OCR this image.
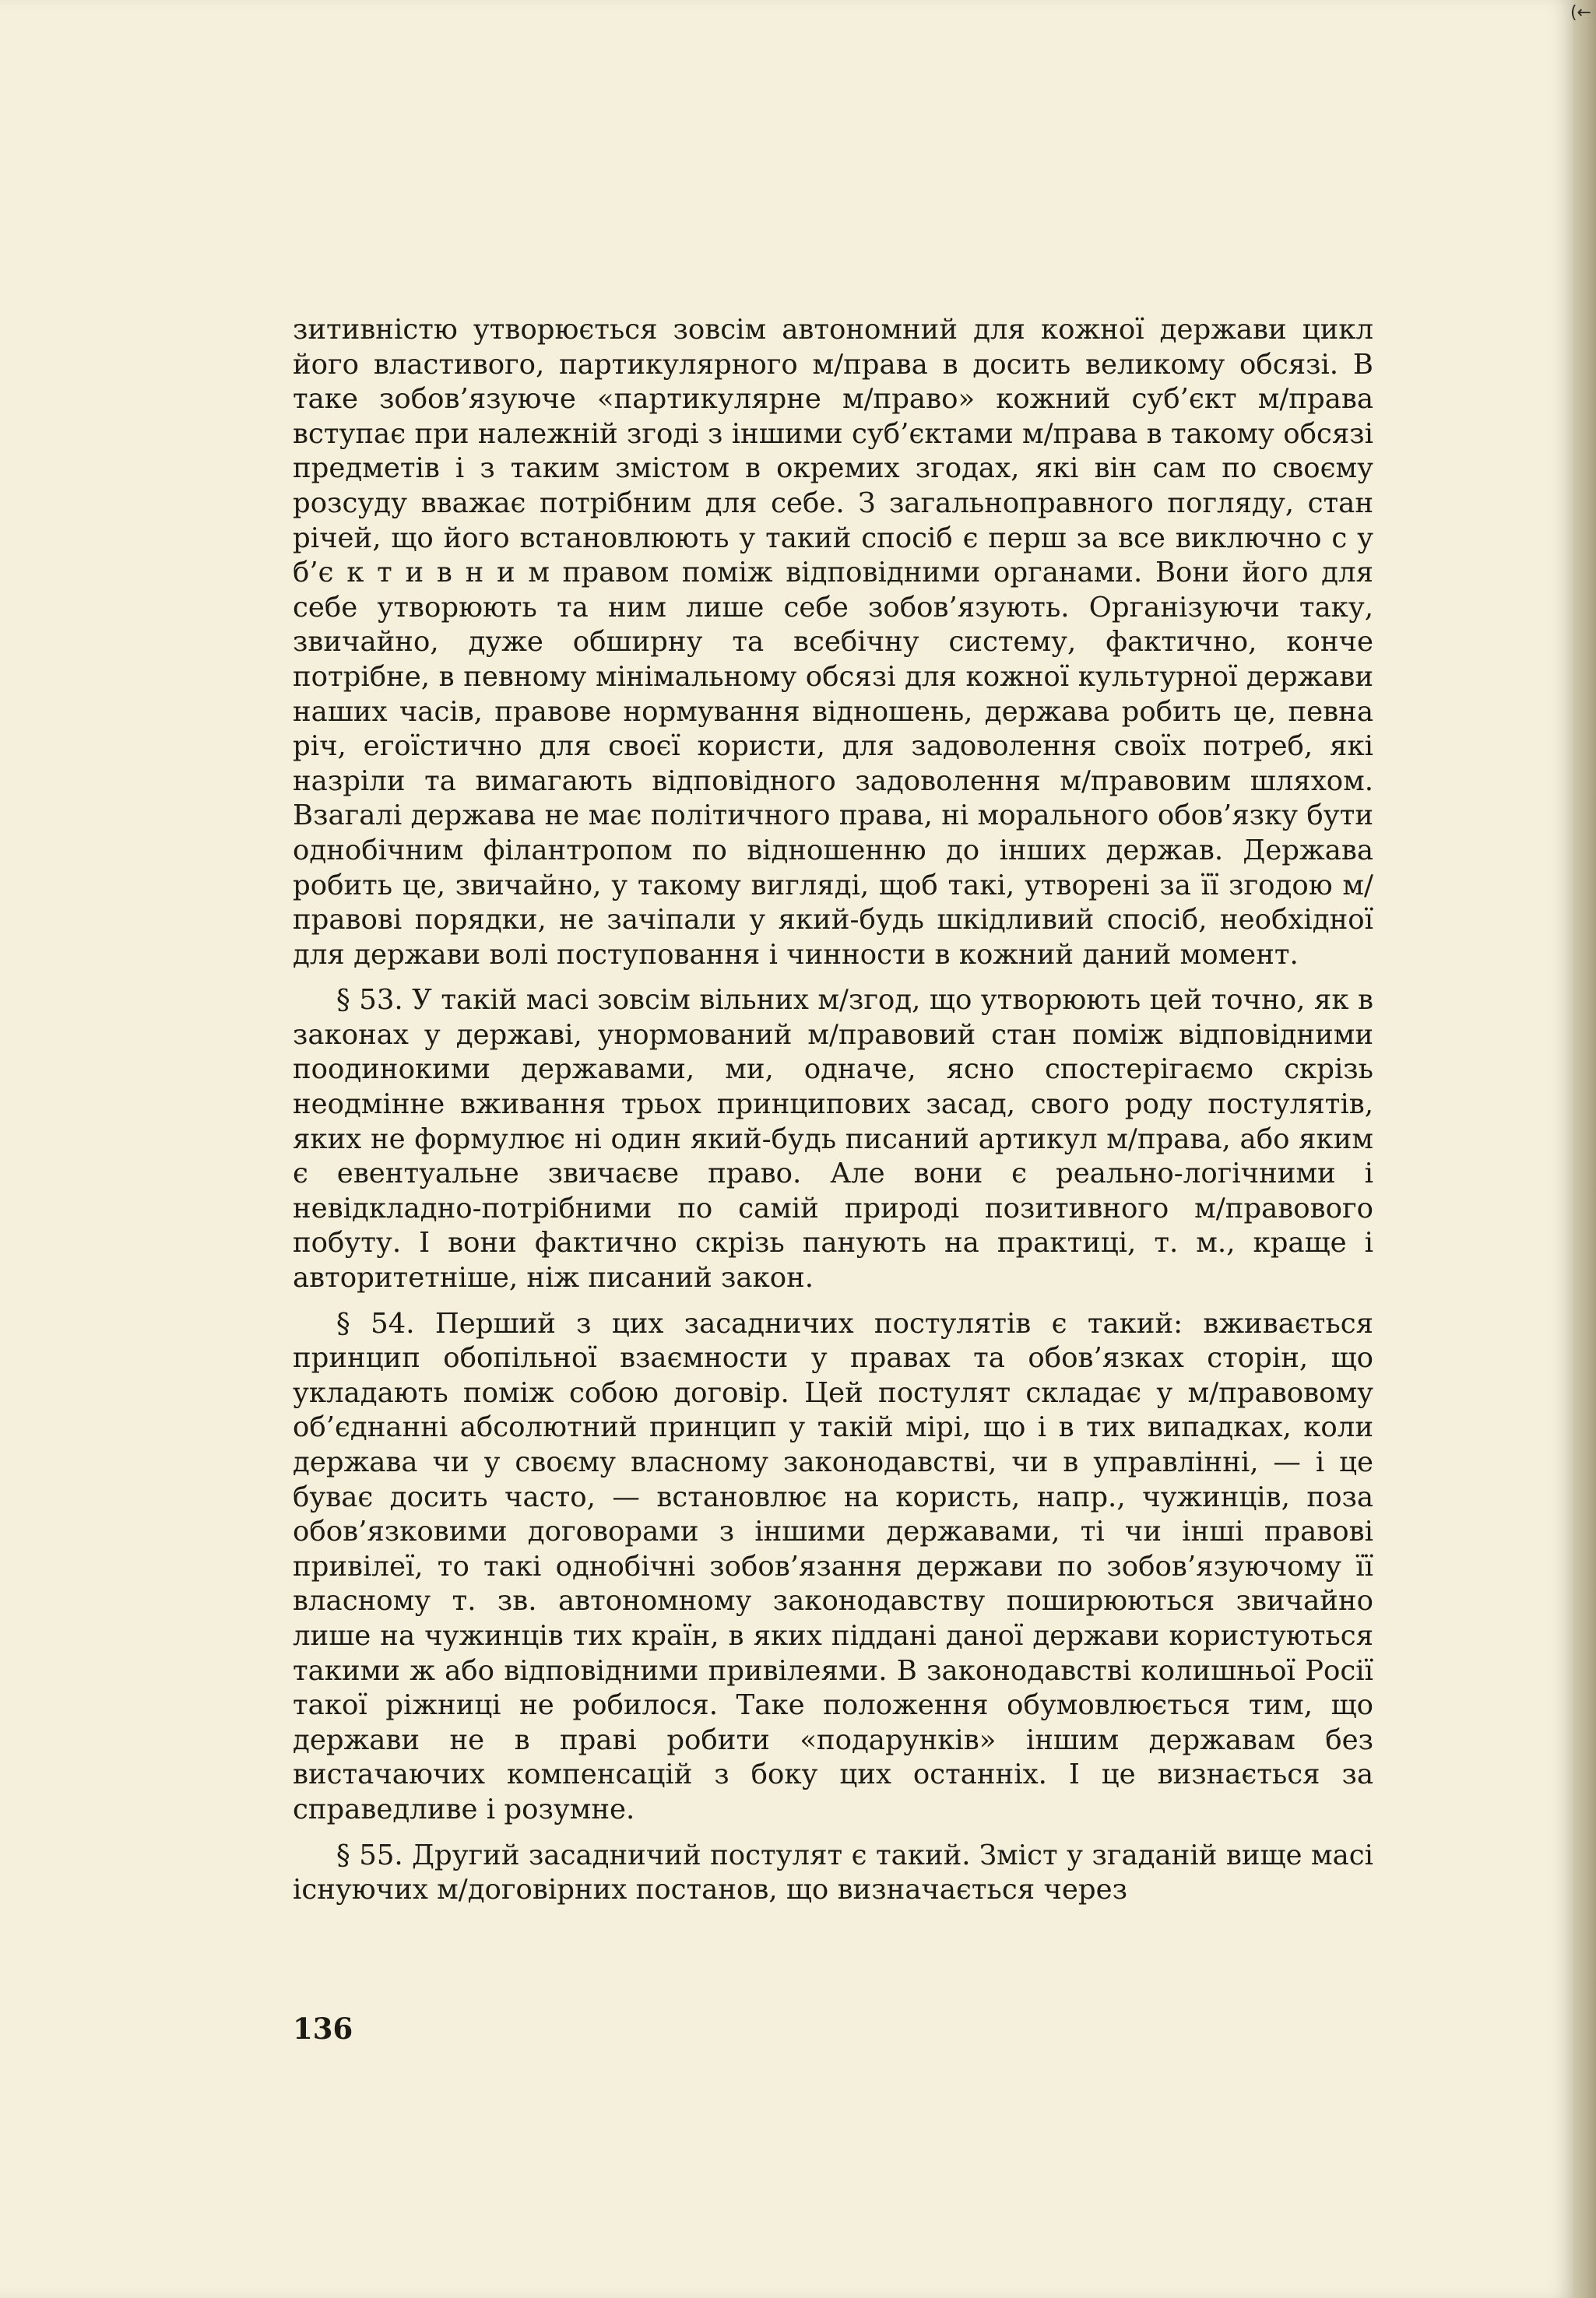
зитивністю утворюється зовсім автономний для кожної держави цикл його властивого, партикулярного м/права в досить великому обсязі. В таке зобов’язуюче «партикулярне м/право» кожний суб’єкт м/права вступає при належній згоді з іншими суб’єктами м/права в такому обсязі предметів і з таким змістом в окремих згодах, які він сам по своєму розсуду вважає потрібним для себе. З загальноправного погляду, стан річей, що його встановлюють у такий спосіб є перш за все виключно с у б’є к т и в н и м правом поміж відповідними органами. Вони його для себе утворюють та ним лише себе зобов’язують. Організуючи таку, звичайно, дуже обширну та всебічну систему, фактично, конче потрібне, в певному мінімальному обсязі для кожної культурної держави наших часів, правове нормування відношень, держава робить це, певна річ, егоїстично для своєї користи, для задоволення своїх потреб, які назріли та вимагають відповідного задоволення м/правовим шляхом. Взагалі держава не має політичного права, ні морального обов’язку бути однобічним філантропом по відношенню до інших держав. Держава робить це, звичайно, у такому вигляді, щоб такі, утворені за її згодою м/правові порядки, не зачіпали у який-будь шкідливий спосіб, необхідної для держави волі поступовання і чинности в кожний даний момент.

§ 53. У такій масі зовсім вільних м/згод, що утворюють цей точно, як в законах у державі, унормований м/правовий стан поміж відповідними поодинокими державами, ми, одначе, ясно спостерігаємо скрізь неодмінне вживання трьох принципових засад, свого роду постулятів, яких не формулює ні один який-будь писаний артикул м/права, або яким є евентуальне звичаєве право. Але вони є реально-логічними і невідкладно-потрібними по самій природі позитивного м/правового побуту. І вони фактично скрізь панують на практиці, т. м., краще і авторитетніше, ніж писаний закон.

§ 54. Перший з цих засадничих постулятів є такий: вживається принцип обопільної взаємности у правах та обов’язках сторін, що укладають поміж собою договір. Цей постулят складає у м/правовому об’єднанні абсолютний принцип у такій мірі, що і в тих випадках, коли держава чи у своєму власному законодавстві, чи в управлінні, — і це буває досить часто, — встановлює на користь, напр., чужинців, поза обов’язковими договорами з іншими державами, ті чи інші правові привілеї, то такі однобічні зобов’язання держави по зобов’язуючому її власному т. зв. автономному законодавству поширюються звичайно лише на чужинців тих країн, в яких піддані даної держави користуються такими ж або відповідними привілеями. В законодавстві колишньої Росії такої ріжниці не робилося. Таке положення обумовлюється тим, що держави не в праві робити «подарунків» іншим державам без вистачаючих компенсацій з боку цих останніх. І це визнається за справедливе і розумне.

§ 55. Другий засадничий постулят є такий. Зміст у згаданій вище масі існуючих м/договірних постанов, що визначається через

136
(←
